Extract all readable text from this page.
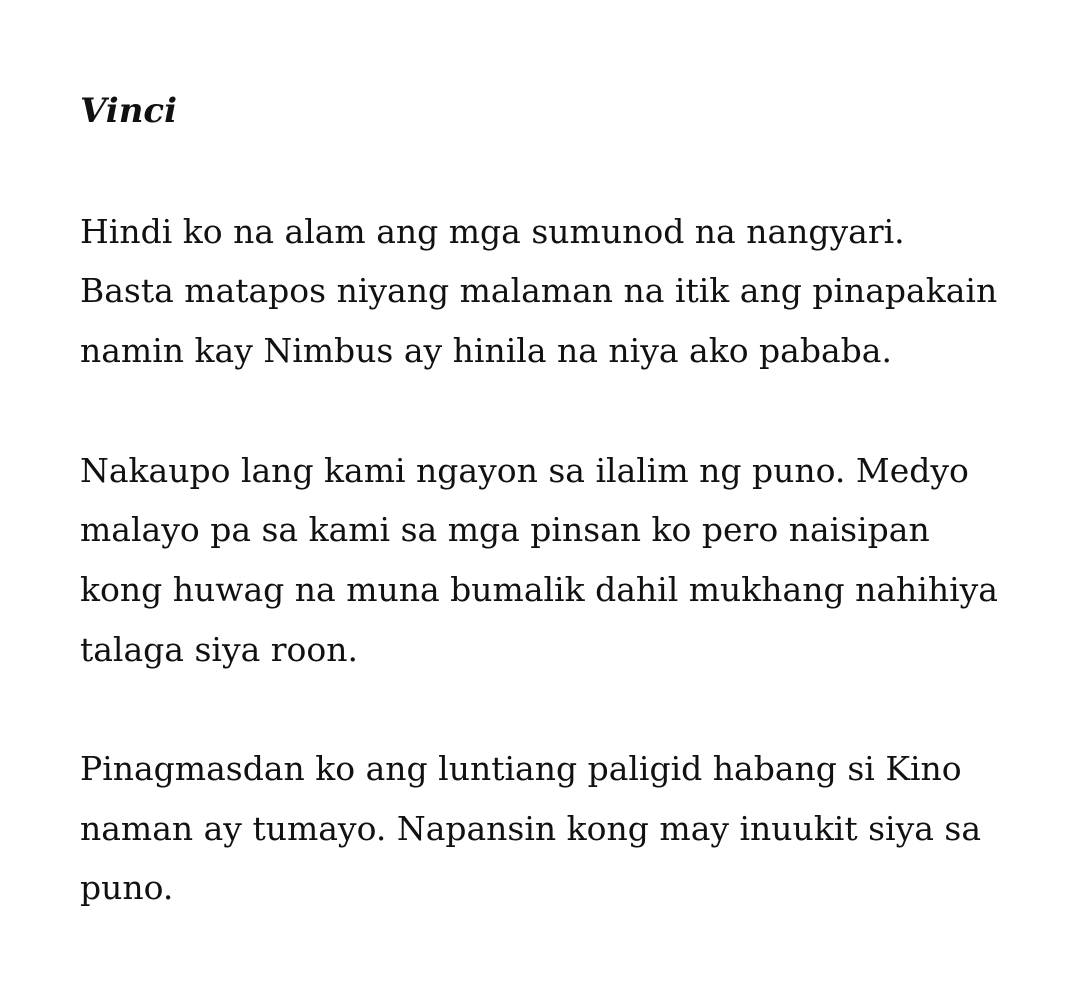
Vinci

Hindi ko na alam ang mga sumunod na nangyari. Basta matapos niyang malaman na itik ang pinapakain namin kay Nimbus ay hinila na niya ako pababa.

Nakaupo lang kami ngayon sa ilalim ng puno. Medyo malayo pa sa kami sa mga pinsan ko pero naisipan kong huwag na muna bumalik dahil mukhang nahihiya talaga siya roon.

Pinagmasdan ko ang luntiang paligid habang si Kino naman ay tumayo. Napansin kong may inuukit siya sa puno.
